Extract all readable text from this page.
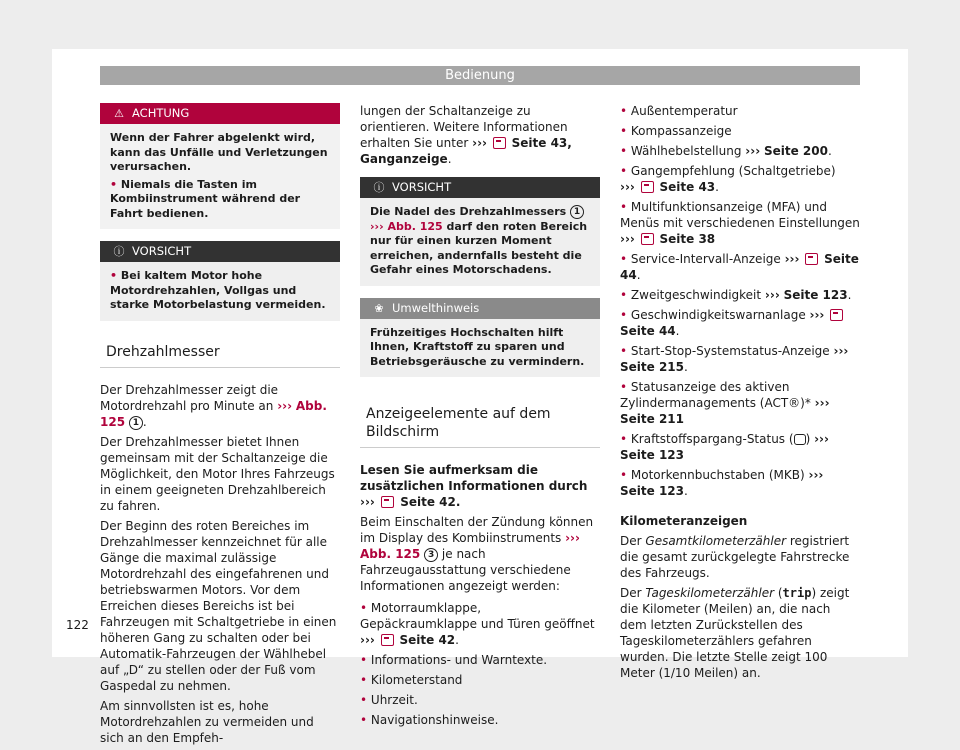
Bedienung
⚠ ACHTUNG
Wenn der Fahrer abgelenkt wird, kann das Unfälle und Verletzungen verursachen.
• Niemals die Tasten im Kombiinstrument während der Fahrt bedienen.
ⓘ VORSICHT
• Bei kaltem Motor hohe Motordrehzahlen, Vollgas und starke Motorbelastung vermeiden.
Drehzahlmesser

Der Drehzahlmesser zeigt die Motordrehzahl pro Minute an ››› Abb. 125 1 .

Der Drehzahlmesser bietet Ihnen gemeinsam mit der Schaltanzeige die Möglichkeit, den Motor Ihres Fahrzeugs in einem geeigneten Drehzahlbereich zu fahren.

Der Beginn des roten Bereiches im Drehzahlmesser kennzeichnet für alle Gänge die maximal zulässige Motordrehzahl des eingefahrenen und betriebswarmen Motors. Vor dem Erreichen dieses Bereichs ist bei Fahrzeugen mit Schaltgetriebe in einen höheren Gang zu schalten oder bei Automatik-Fahrzeugen der Wählhebel auf „D“ zu stellen oder der Fuß vom Gaspedal zu nehmen.

Am sinnvollsten ist es, hohe Motordrehzahlen zu vermeiden und sich an den Empfeh-

lungen der Schaltanzeige zu orientieren. Weitere Informationen erhalten Sie unter ››› Seite 43, Ganganzeige.

ⓘ VORSICHT
Die Nadel des Drehzahlmessers 1
››› Abb. 125 darf den roten Bereich nur für einen kurzen Moment erreichen, andernfalls besteht die Gefahr eines Motorschadens.
❀ Umwelthinweis
Frühzeitiges Hochschalten hilft Ihnen, Kraftstoff zu sparen und Betriebsgeräusche zu vermindern.
Anzeigeelemente auf dem Bildschirm

Lesen Sie aufmerksam die zusätzlichen Informationen durch ››› Seite 42.

Beim Einschalten der Zündung können im Display des Kombiinstruments ››› Abb. 125 3 je nach Fahrzeugausstattung verschiedene Informationen angezeigt werden:

• Motorraumklappe, Gepäckraumklappe und Türen geöffnet ››› Seite 42.
• Informations- und Warntexte.
• Kilometerstand
• Uhrzeit.
• Navigationshinweise.
• Außentemperatur
• Kompassanzeige
• Wählhebelstellung ››› Seite 200.
• Gangempfehlung (Schaltgetriebe)
››› Seite 43.
• Multifunktionsanzeige (MFA) und Menüs mit verschiedenen Einstellungen ››› Seite 38
• Service-Intervall-Anzeige ››› Seite 44.
• Zweitgeschwindigkeit ››› Seite 123.
• Geschwindigkeitswarnanlage ›››  Seite 44.
• Start-Stop-Systemstatus-Anzeige ››› Seite 215.
• Statusanzeige des aktiven Zylindermanagements (ACT®)* ››› Seite 211
• Kraftstoffspargang-Status ( ) ››› Seite 123
• Motorkennbuchstaben (MKB) ››› Seite 123.

Kilometeranzeigen

Der Gesamtkilometerzähler registriert die gesamt zurückgelegte Fahrstrecke des Fahrzeugs.

Der Tageskilometerzähler (trip) zeigt die Kilometer (Meilen) an, die nach dem letzten Zurückstellen des Tageskilometerzählers gefahren wurden. Die letzte Stelle zeigt 100 Meter (1/10 Meilen) an.

122
